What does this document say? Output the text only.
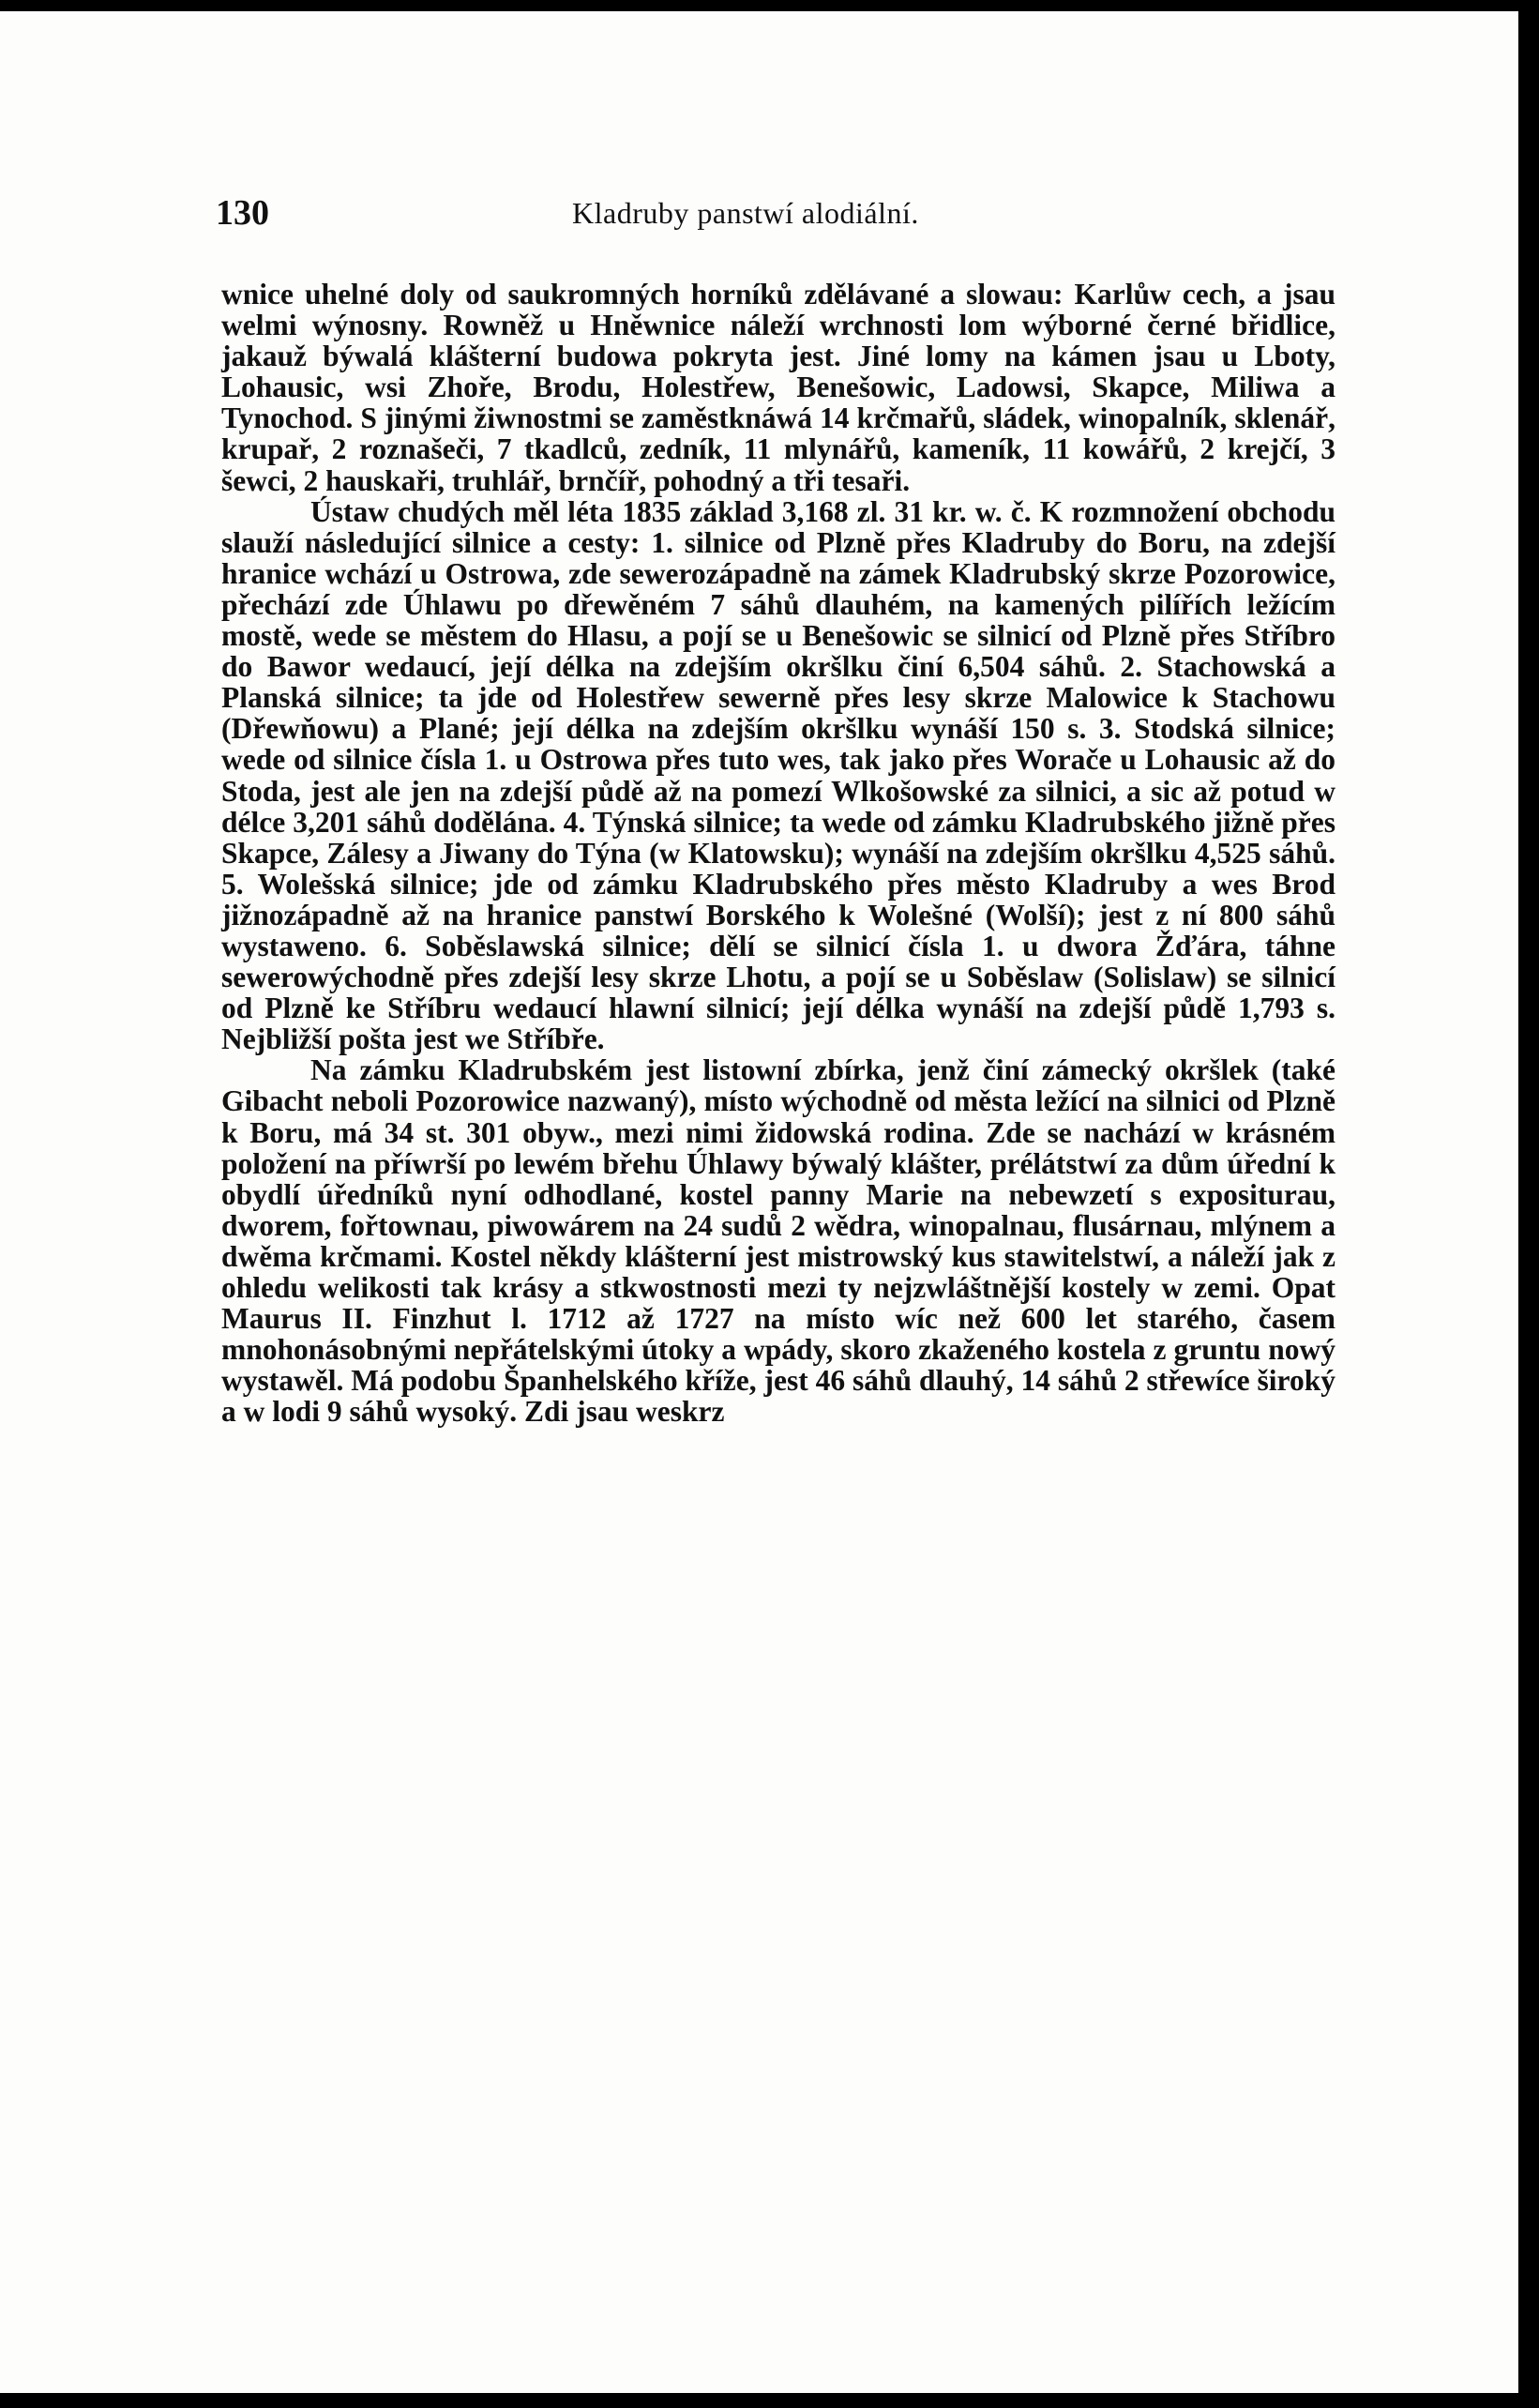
130	Kladruby panstwí alodiální.

wnice uhelné doly od saukromných horníků zdělávané a slowau: Karlůw cech, a jsau welmi wýnosny. Rowněž u Hněwnice náleží wrchnosti lom wýborné černé břidlice, jakauž býwalá klášterní budowa pokryta jest. Jiné lomy na kámen jsau u Lboty, Lohausic, wsi Zhoře, Brodu, Holestřew, Benešowic, Ladowsi, Skapce, Miliwa a Tynochod. S jinými žiwnostmi se zaměstknáwá 14 krčmařů, sládek, winopalník, sklenář, krupař, 2 roznašeči, 7 tkadlců, zedník, 11 mlynářů, kameník, 11 kowářů, 2 krejčí, 3 šewci, 2 hauskaři, truhlář, brnčíř, pohodný a tři tesaři.

Ústaw chudých měl léta 1835 základ 3,168 zl. 31 kr. w. č. K rozmnožení obchodu slauží následující silnice a cesty: 1. silnice od Plzně přes Kladruby do Boru, na zdejší hranice wchází u Ostrowa, zde sewerozápadně na zámek Kladrubský skrze Pozorowice, přechází zde Úhlawu po dřewěném 7 sáhů dlauhém, na kamených pilířích ležícím mostě, wede se městem do Hlasu, a pojí se u Benešowic se silnicí od Plzně přes Stříbro do Bawor wedaucí, její délka na zdejším okršlku činí 6,504 sáhů. 2. Stachowská a Planská silnice; ta jde od Holestřew sewerně přes lesy skrze Malowice k Stachowu (Dřewňowu) a Plané; její délka na zdejším okršlku wynáší 150 s. 3. Stodská silnice; wede od silnice čísla 1. u Ostrowa přes tuto wes, tak jako přes Worače u Lohausic až do Stoda, jest ale jen na zdejší půdě až na pomezí Wlkošowské za silnici, a sic až potud w délce 3,201 sáhů dodělána. 4. Týnská silnice; ta wede od zámku Kladrubského jižně přes Skapce, Zálesy a Jiwany do Týna (w Klatowsku); wynáší na zdejším okršlku 4,525 sáhů. 5. Wolešská silnice; jde od zámku Kladrubského přes město Kladruby a wes Brod jižnozápadně až na hranice panstwí Borského k Wolešné (Wolší); jest z ní 800 sáhů wystaweno. 6. Soběslawská silnice; dělí se silnicí čísla 1. u dwora Žďára, táhne sewerowýchodně přes zdejší lesy skrze Lhotu, a pojí se u Soběslaw (Solislaw) se silnicí od Plzně ke Stříbru wedaucí hlawní silnicí; její délka wynáší na zdejší půdě 1,793 s. Nejbližší pošta jest we Stříbře.

Na zámku Kladrubském jest listowní zbírka, jenž činí zámecký okršlek (také Gibacht neboli Pozorowice nazwaný), místo wýchodně od města ležící na silnici od Plzně k Boru, má 34 st. 301 obyw., mezi nimi židowská rodina. Zde se nachází w krásném položení na příwrší po lewém břehu Úhlawy býwalý klášter, prélátstwí za dům úřední k obydlí úředníků nyní odhodlané, kostel panny Marie na nebewzetí s expositurau, dworem, fořtownau, piwowárem na 24 sudů 2 wědra, winopalnau, flusárnau, mlýnem a dwěma krčmami. Kostel někdy klášterní jest mistrowský kus stawitelstwí, a náleží jak z ohledu welikosti tak krásy a stkwostnosti mezi ty nejzwláštnější kostely w zemi. Opat Maurus II. Finzhut l. 1712 až 1727 na místo wíc než 600 let starého, časem mnohonásobnými nepřátelskými útoky a wpády, skoro zkaženého kostela z gruntu nowý wystawěl. Má podobu Španhelského kříže, jest 46 sáhů dlauhý, 14 sáhů 2 střewíce široký a w lodi 9 sáhů wysoký. Zdi jsau weskrz
